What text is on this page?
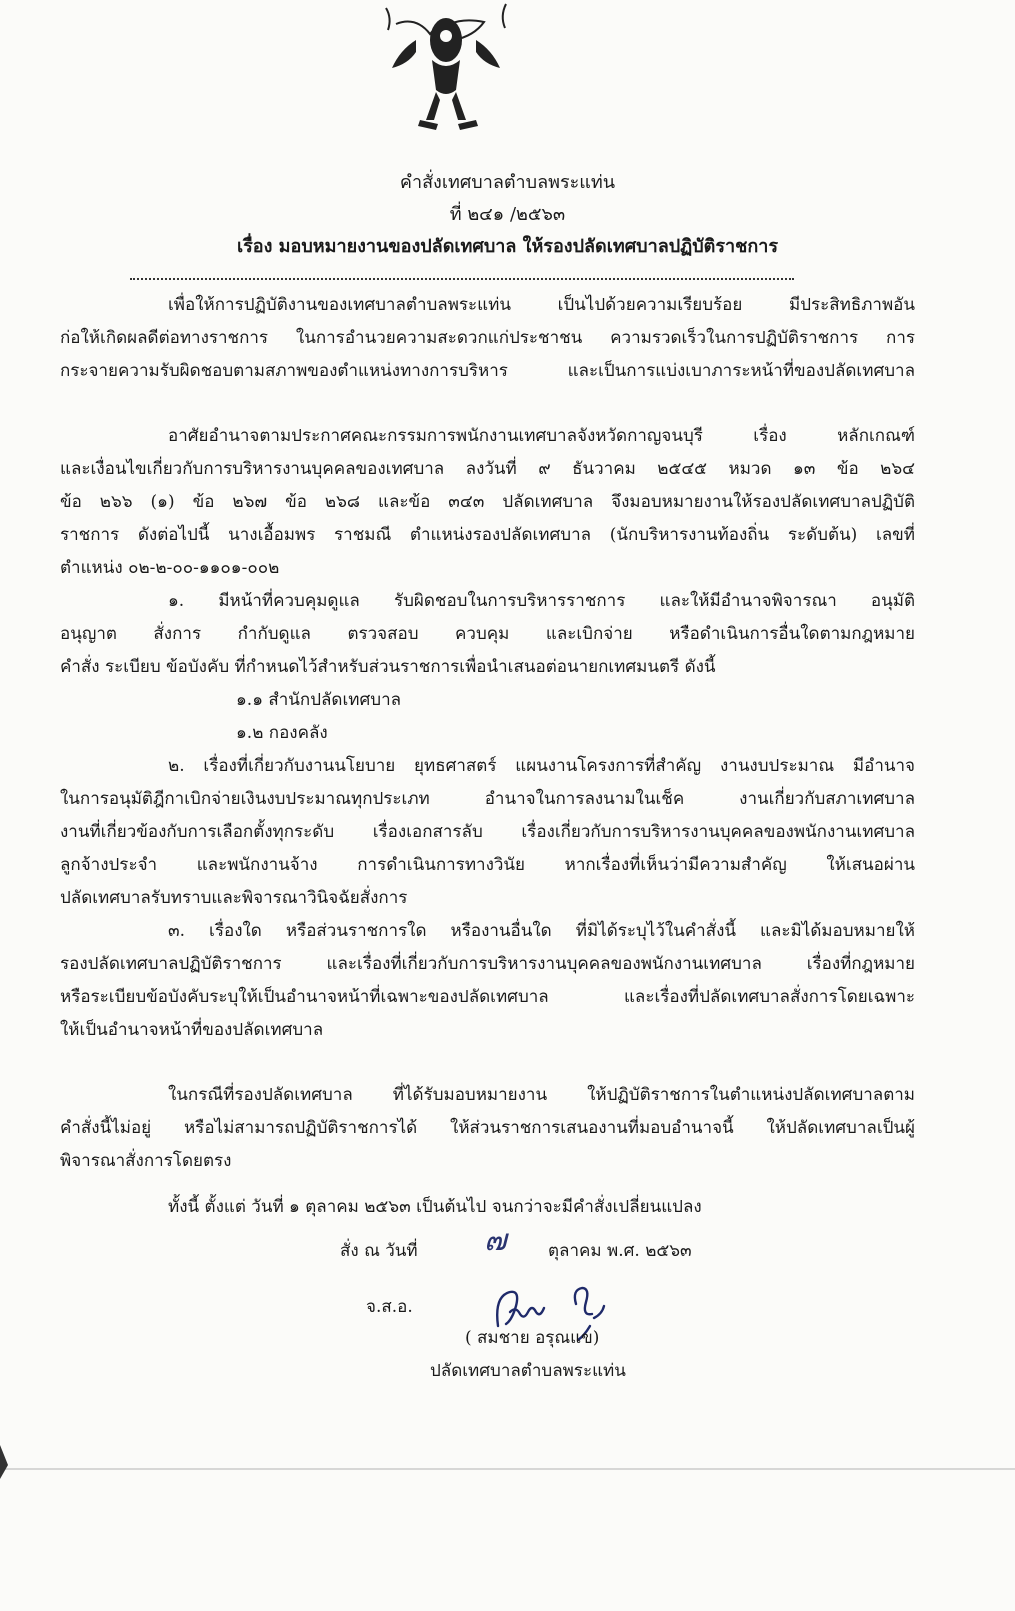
คำสั่งเทศบาลตำบลพระแท่น
ที่ ๒๔๑ /๒๕๖๓
เรื่อง มอบหมายงานของปลัดเทศบาล ให้รองปลัดเทศบาลปฏิบัติราชการ
เพื่อให้การปฏิบัติงานของเทศบาลตำบลพระแท่น เป็นไปด้วยความเรียบร้อย มีประสิทธิภาพอัน
ก่อให้เกิดผลดีต่อทางราชการ ในการอำนวยความสะดวกแก่ประชาชน ความรวดเร็วในการปฏิบัติราชการ การ
กระจายความรับผิดชอบตามสภาพของตำแหน่งทางการบริหาร และเป็นการแบ่งเบาภาระหน้าที่ของปลัดเทศบาล
อาศัยอำนาจตามประกาศคณะกรรมการพนักงานเทศบาลจังหวัดกาญจนบุรี เรื่อง หลักเกณฑ์
และเงื่อนไขเกี่ยวกับการบริหารงานบุคคลของเทศบาล ลงวันที่ ๙ ธันวาคม ๒๕๔๕ หมวด ๑๓ ข้อ ๒๖๔
ข้อ ๒๖๖ (๑) ข้อ ๒๖๗ ข้อ ๒๖๘ และข้อ ๓๔๓ ปลัดเทศบาล จึงมอบหมายงานให้รองปลัดเทศบาลปฏิบัติ
ราชการ ดังต่อไปนี้ นางเอื้อมพร ราชมณี ตำแหน่งรองปลัดเทศบาล (นักบริหารงานท้องถิ่น ระดับต้น) เลขที่
ตำแหน่ง ๐๒-๒-๐๐-๑๑๐๑-๐๐๒
๑. มีหน้าที่ควบคุมดูแล รับผิดชอบในการบริหารราชการ และให้มีอำนาจพิจารณา อนุมัติ
อนุญาต สั่งการ กำกับดูแล ตรวจสอบ ควบคุม และเบิกจ่าย หรือดำเนินการอื่นใดตามกฎหมาย
คำสั่ง ระเบียบ ข้อบังคับ ที่กำหนดไว้สำหรับส่วนราชการเพื่อนำเสนอต่อนายกเทศมนตรี ดังนี้
๑.๑ สำนักปลัดเทศบาล
๑.๒ กองคลัง
๒. เรื่องที่เกี่ยวกับงานนโยบาย ยุทธศาสตร์ แผนงานโครงการที่สำคัญ งานงบประมาณ มีอำนาจ
ในการอนุมัติฎีกาเบิกจ่ายเงินงบประมาณทุกประเภท อำนาจในการลงนามในเช็ค งานเกี่ยวกับสภาเทศบาล
งานที่เกี่ยวข้องกับการเลือกตั้งทุกระดับ เรื่องเอกสารลับ เรื่องเกี่ยวกับการบริหารงานบุคคลของพนักงานเทศบาล
ลูกจ้างประจำ และพนักงานจ้าง การดำเนินการทางวินัย หากเรื่องที่เห็นว่ามีความสำคัญ ให้เสนอผ่าน
ปลัดเทศบาลรับทราบและพิจารณาวินิจฉัยสั่งการ
๓. เรื่องใด หรือส่วนราชการใด หรืองานอื่นใด ที่มิได้ระบุไว้ในคำสั่งนี้ และมิได้มอบหมายให้
รองปลัดเทศบาลปฏิบัติราชการ และเรื่องที่เกี่ยวกับการบริหารงานบุคคลของพนักงานเทศบาล เรื่องที่กฎหมาย
หรือระเบียบข้อบังคับระบุให้เป็นอำนาจหน้าที่เฉพาะของปลัดเทศบาล และเรื่องที่ปลัดเทศบาลสั่งการโดยเฉพาะ
ให้เป็นอำนาจหน้าที่ของปลัดเทศบาล
ในกรณีที่รองปลัดเทศบาล ที่ได้รับมอบหมายงาน ให้ปฏิบัติราชการในตำแหน่งปลัดเทศบาลตาม
คำสั่งนี้ไม่อยู่ หรือไม่สามารถปฏิบัติราชการได้ ให้ส่วนราชการเสนองานที่มอบอำนาจนี้ ให้ปลัดเทศบาลเป็นผู้
พิจารณาสั่งการโดยตรง
ทั้งนี้ ตั้งแต่ วันที่ ๑ ตุลาคม ๒๕๖๓ เป็นต้นไป จนกว่าจะมีคำสั่งเปลี่ยนแปลง
สั่ง ณ วันที่ ๗ ตุลาคม พ.ศ. ๒๕๖๓
จ.ส.อ.
( สมชาย อรุณแข)
ปลัดเทศบาลตำบลพระแท่น
